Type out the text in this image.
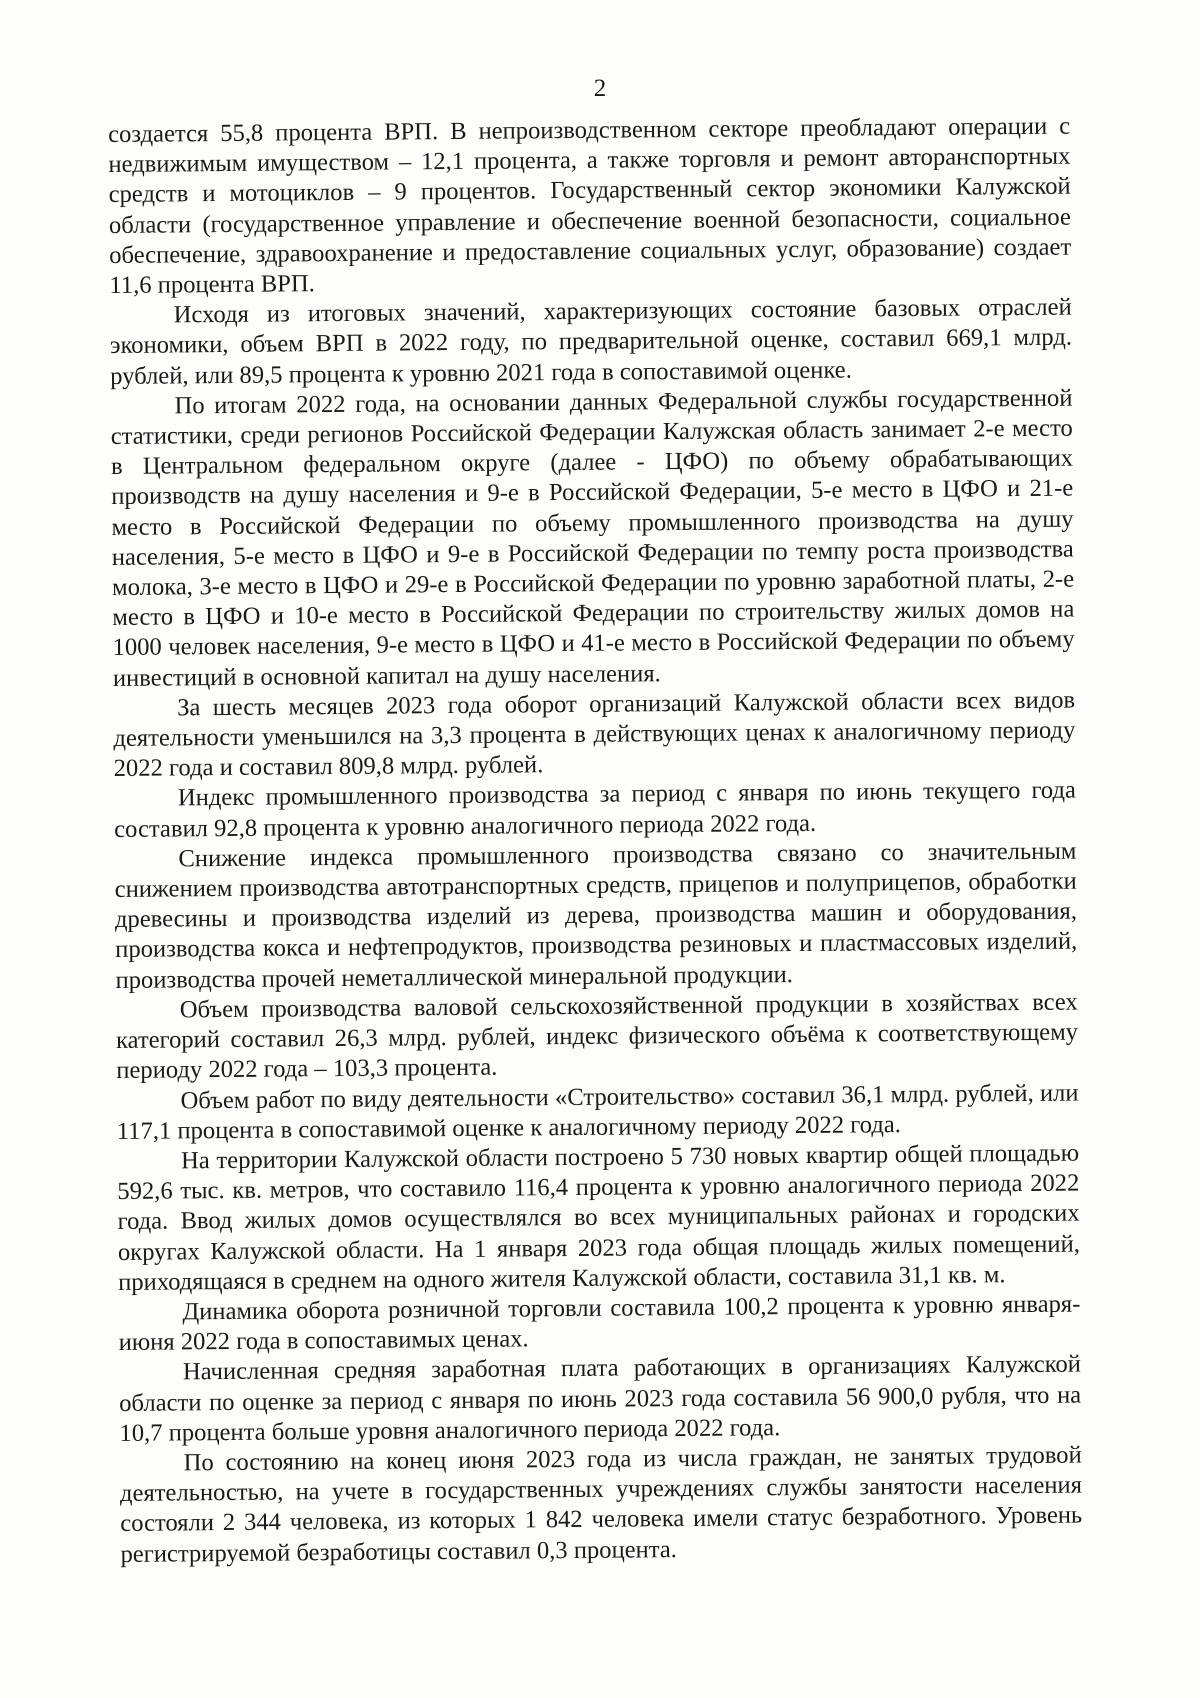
2

создается 55,8 процента ВРП. В непроизводственном секторе преобладают операции с недвижимым имуществом – 12,1 процента, а также торговля и ремонт авторанспортных средств и мотоциклов – 9 процентов. Государственный сектор экономики Калужской области (государственное управление и обеспечение военной безопасности, социальное обеспечение, здравоохранение и предоставление социальных услуг, образование) создает 11,6 процента ВРП.

Исходя из итоговых значений, характеризующих состояние базовых отраслей экономики, объем ВРП в 2022 году, по предварительной оценке, составил 669,1 млрд. рублей, или 89,5 процента к уровню 2021 года в сопоставимой оценке.

По итогам 2022 года, на основании данных Федеральной службы государственной статистики, среди регионов Российской Федерации Калужская область занимает 2-е место в Центральном федеральном округе (далее - ЦФО) по объему обрабатывающих производств на душу населения и 9-е в Российской Федерации, 5-е место в ЦФО и 21-е место в Российской Федерации по объему промышленного производства на душу населения, 5-е место в ЦФО и 9-е в Российской Федерации по темпу роста производства молока, 3-е место в ЦФО и 29-е в Российской Федерации по уровню заработной платы, 2-е место в ЦФО и 10-е место в Российской Федерации по строительству жилых домов на 1000 человек населения, 9-е место в ЦФО и 41-е место в Российской Федерации по объему инвестиций в основной капитал на душу населения.

За шесть месяцев 2023 года оборот организаций Калужской области всех видов деятельности уменьшился на 3,3 процента в действующих ценах к аналогичному периоду 2022 года и составил 809,8 млрд. рублей.

Индекс промышленного производства за период с января по июнь текущего года составил 92,8 процента к уровню аналогичного периода 2022 года.

Снижение индекса промышленного производства связано со значительным снижением производства автотранспортных средств, прицепов и полуприцепов, обработки древесины и производства изделий из дерева, производства машин и оборудования, производства кокса и нефтепродуктов, производства резиновых и пластмассовых изделий, производства прочей неметаллической минеральной продукции.

Объем производства валовой сельскохозяйственной продукции в хозяйствах всех категорий составил 26,3 млрд. рублей, индекс физического объёма к соответствующему периоду 2022 года – 103,3 процента.

Объем работ по виду деятельности «Строительство» составил 36,1 млрд. рублей, или 117,1 процента в сопоставимой оценке к аналогичному периоду 2022 года.

На территории Калужской области построено 5 730 новых квартир общей площадью 592,6 тыс. кв. метров, что составило 116,4 процента к уровню аналогичного периода 2022 года. Ввод жилых домов осуществлялся во всех муниципальных районах и городских округах Калужской области. На 1 января 2023 года общая площадь жилых помещений, приходящаяся в среднем на одного жителя Калужской области, составила 31,1 кв. м.

Динамика оборота розничной торговли составила 100,2 процента к уровню января-июня 2022 года в сопоставимых ценах.

Начисленная средняя заработная плата работающих в организациях Калужской области по оценке за период с января по июнь 2023 года составила 56 900,0 рубля, что на 10,7 процента больше уровня аналогичного периода 2022 года.

По состоянию на конец июня 2023 года из числа граждан, не занятых трудовой деятельностью, на учете в государственных учреждениях службы занятости населения состояли 2 344 человека, из которых 1 842 человека имели статус безработного. Уровень регистрируемой безработицы составил 0,3 процента.
